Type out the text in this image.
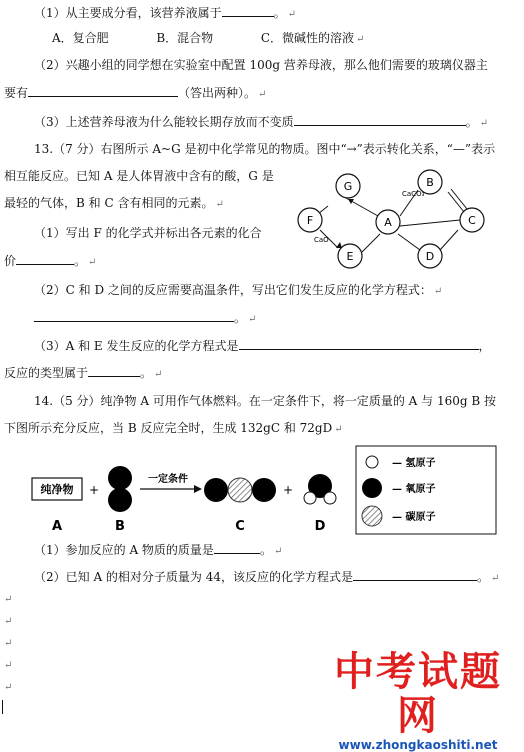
（1）从主要成分看，该营养液属于	。 ↵
A．复合肥	B．混合物	C．微碱性的溶液 ↵
（2）兴趣小组的同学想在实验室中配置 100g 营养母液，那么他们需要的玻璃仪器主
要有	（答出两种）。 ↵
（3）上述营养母液为什么能较长期存放而不变质	。 ↵
13.（7 分）右图所示 A~G 是初中化学常见的物质。图中“→”表示转化关系，“—”表示
相互能反应。已知 A 是人体胃液中含有的酸，G 是
最轻的气体，B 和 C 含有相同的元素。 ↵
（1）写出 F 的化学式并标出各元素的化合
价	。 ↵
G	B
F	A	C
E	D
CaCO₃
CaO
（2）C 和 D 之间的反应需要高温条件，写出它们发生反应的化学方程式： ↵
。 ↵
（3）A 和 E 发生反应的化学方程式是	，
反应的类型属于	。 ↵
14.（5 分）纯净物 A 可用作气体燃料。在一定条件下，将一定质量的 A 与 160g B 按
下图所示充分反应，当 B 反应完全时，生成 132gC 和 72gD ↵
纯净物 +
一定条件
+
A	B	C	D
— 氢原子
— 氧原子
— 碳原子
（1）参加反应的 A 物质的质量是	。 ↵
（2）已知 A 的相对分子质量为 44，该反应的化学方程式是	。 ↵
↵
↵
↵
↵
↵	中考试题网
www.zhongkaoshiti.net
